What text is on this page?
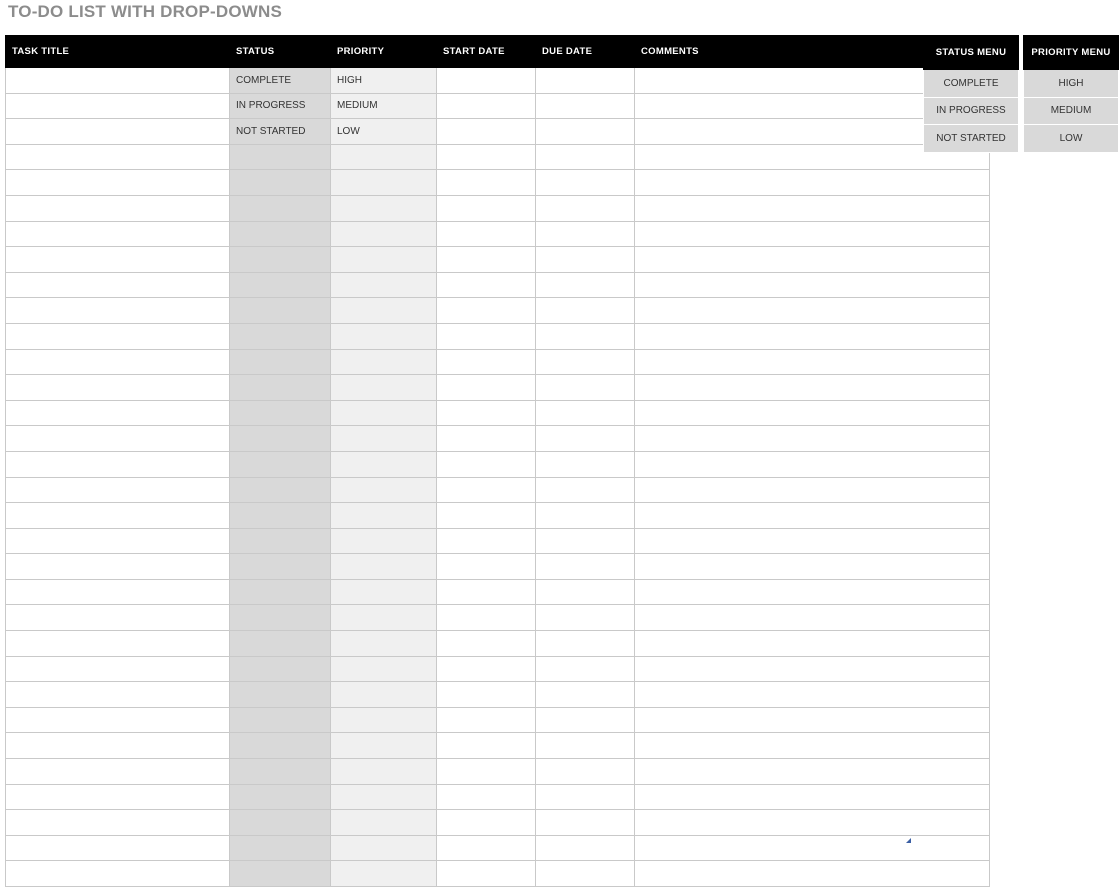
TO-DO LIST WITH DROP-DOWNS
TASK TITLE	STATUS	PRIORITY	START DATE	DUE DATE	COMMENTS
	COMPLETE	HIGH			
	IN PROGRESS	MEDIUM			
	NOT STARTED	LOW			

STATUS MENU
COMPLETE
IN PROGRESS
NOT STARTED
PRIORITY MENU
HIGH
MEDIUM
LOW
